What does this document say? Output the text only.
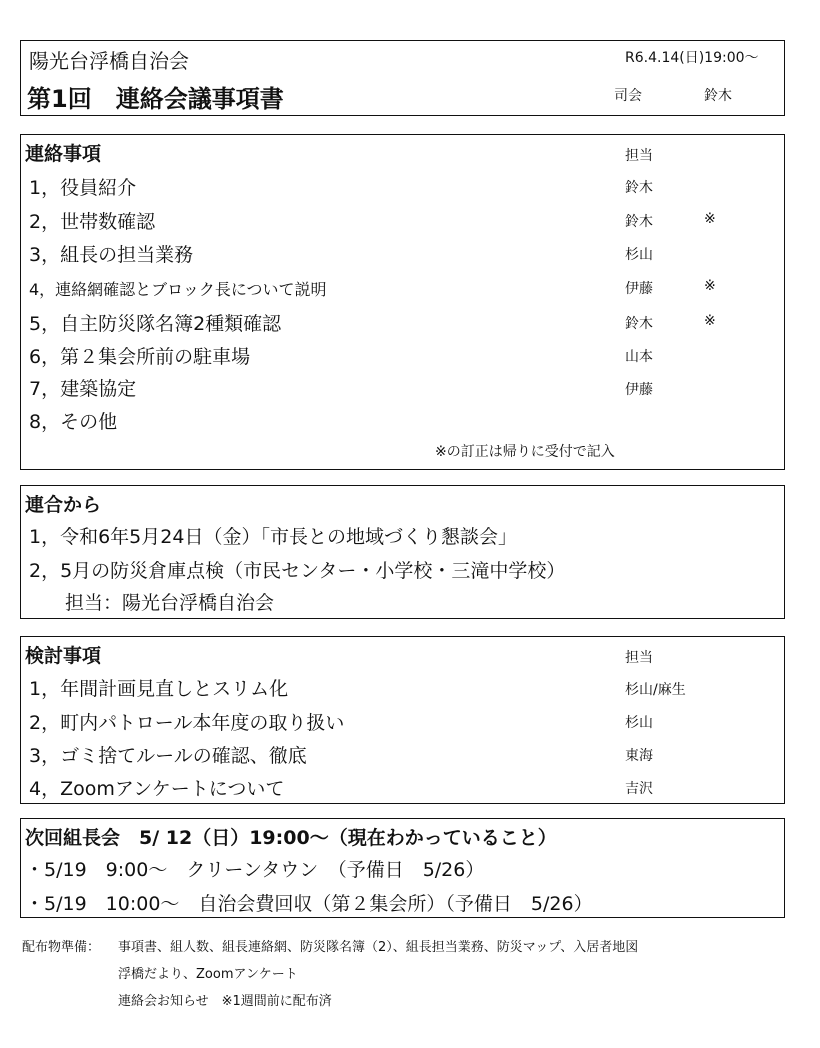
陽光台浮橋自治会	R6.4.14(日)19:00〜
第1回　連絡会議事項書	司会	鈴木
連絡事項	担当
1，役員紹介	鈴木
2，世帯数確認	鈴木	※
3，組長の担当業務	杉山
4，連絡網確認とブロック長について説明	伊藤	※
5，自主防災隊名簿2種類確認	鈴木	※
6，第２集会所前の駐車場	山本
7，建築協定	伊藤
8，その他
※の訂正は帰りに受付で記入
連合から
1，令和6年5月24日（金）「市長との地域づくり懇談会」
2，5月の防災倉庫点検（市民センター・小学校・三滝中学校）
担当：陽光台浮橋自治会
検討事項	担当
1，年間計画見直しとスリム化	杉山/麻生
2，町内パトロール本年度の取り扱い	杉山
3，ゴミ捨てルールの確認、徹底	東海
4，Zoomアンケートについて	吉沢
次回組長会　5/ 12（日）19:00〜（現在わかっていること）
・5/19　9:00〜　クリーンタウン　（予備日　5/26）
・5/19　10:00〜　自治会費回収（第２集会所）（予備日　5/26）
配布物準備： 事項書、組人数、組長連絡網、防災隊名簿（2）、組長担当業務、防災マップ、入居者地図
浮橋だより、Zoomアンケート
連絡会お知らせ　※1週間前に配布済
